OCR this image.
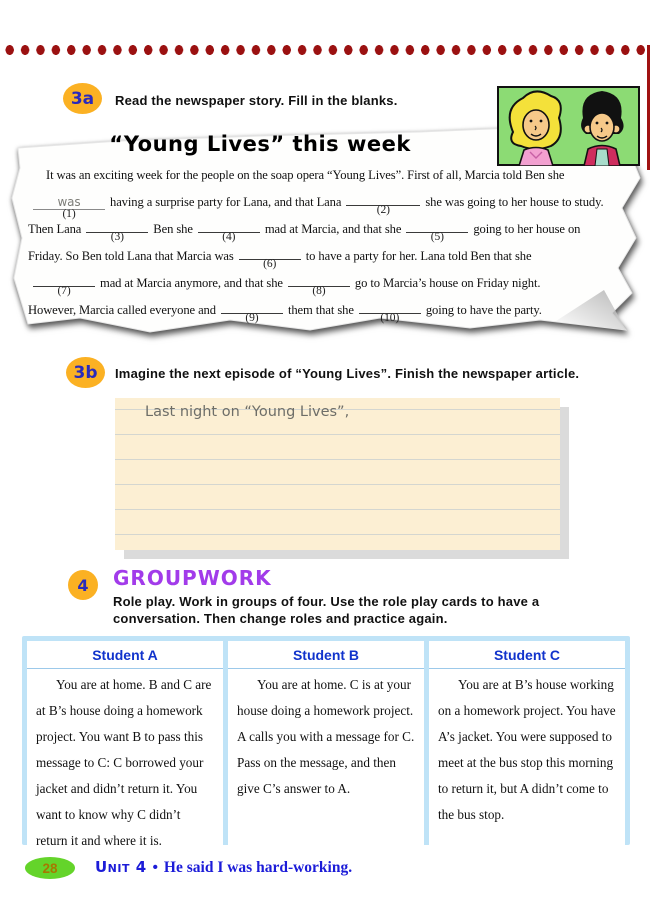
3a	Read the newspaper story. Fill in the blanks.
“Young Lives” this week
It was an exciting week for the people on the soap opera “Young Lives”. First of all, Marcia told Ben she
was
(1)
having a surprise party for Lana, and that Lana
(2)
she was going to her house to study.
Then Lana
(3)
Ben she
(4)
mad at Marcia, and that she
(5)
going to her house on
Friday. So Ben told Lana that Marcia was
(6)
to have a party for her. Lana told Ben that she
(7)
mad at Marcia anymore, and that she
(8)
go to Marcia’s house on Friday night.
However, Marcia called everyone and
(9)
them that she
(10)
going to have the party.
3b	Imagine the next episode of “Young Lives”. Finish the newspaper article.
Last night on “Young Lives”,
4	GROUPWORK
Role play. Work in groups of four. Use the role play cards to have a conversation. Then change roles and practice again.
Student A
You are at home. B and C are at B’s house doing a homework project. You want B to pass this message to C: C borrowed your jacket and didn’t return it. You want to know why C didn’t return it and where it is.
Student B
You are at home. C is at your house doing a homework project. A calls you with a message for C. Pass on the message, and then give C’s answer to A.
Student C
You are at B’s house working on a homework project. You have A’s jacket. You were supposed to meet at the bus stop this morning to return it, but A didn’t come to the bus stop.
28	Unit 4 • He said I was hard-working.
